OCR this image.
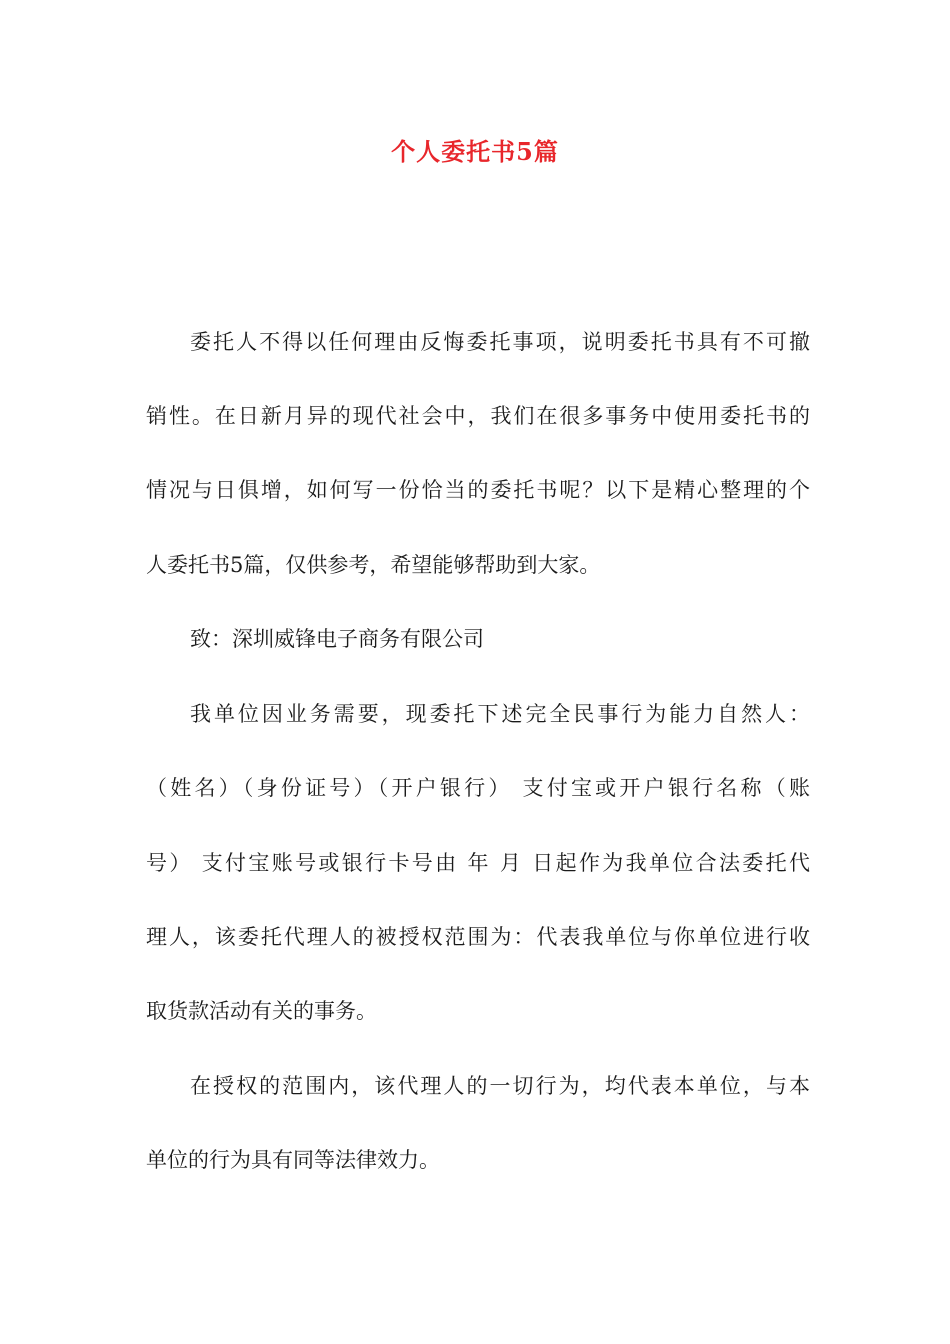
个人委托书5篇
委托人不得以任何理由反悔委托事项，说明委托书具有不可撤
销性。在日新月异的现代社会中，我们在很多事务中使用委托书的
情况与日俱增，如何写一份恰当的委托书呢？以下是精心整理的个
人委托书5篇，仅供参考，希望能够帮助到大家。
致：深圳威锋电子商务有限公司
我单位因业务需要，现委托下述完全民事行为能力自然人：
（姓名）（身份证号）（开户银行） 支付宝或开户银行名称（账
号） 支付宝账号或银行卡号由 年 月 日起作为我单位合法委托代
理人，该委托代理人的被授权范围为：代表我单位与你单位进行收
取货款活动有关的事务。
在授权的范围内，该代理人的一切行为，均代表本单位，与本
单位的行为具有同等法律效力。
